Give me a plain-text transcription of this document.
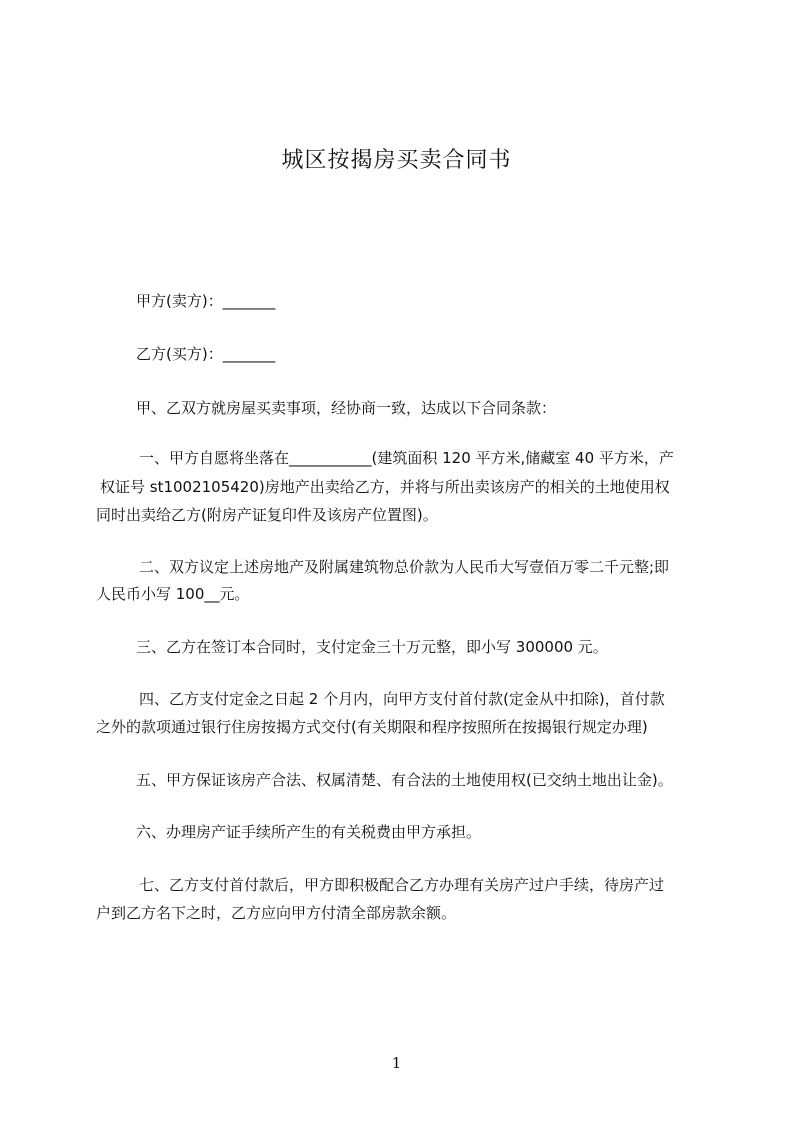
城区按揭房买卖合同书

甲方(卖方)：_______

乙方(买方)：_______

甲、乙双方就房屋买卖事项，经协商一致，达成以下合同条款：

一、甲方自愿将坐落在___________(建筑面积 120 平方米,储藏室 40 平方米，产

权证号 st1002105420)房地产出卖给乙方，并将与所出卖该房产的相关的土地使用权

同时出卖给乙方(附房产证复印件及该房产位置图)。

二、双方议定上述房地产及附属建筑物总价款为人民币大写壹佰万零二千元整;即

人民币小写 100__元。

三、乙方在签订本合同时，支付定金三十万元整，即小写 300000 元。

四、乙方支付定金之日起 2 个月内，向甲方支付首付款(定金从中扣除)，首付款

之外的款项通过银行住房按揭方式交付(有关期限和程序按照所在按揭银行规定办理)

五、甲方保证该房产合法、权属清楚、有合法的土地使用权(已交纳土地出让金)。

六、办理房产证手续所产生的有关税费由甲方承担。

七、乙方支付首付款后，甲方即积极配合乙方办理有关房产过户手续，待房产过

户到乙方名下之时，乙方应向甲方付清全部房款余额。

1
